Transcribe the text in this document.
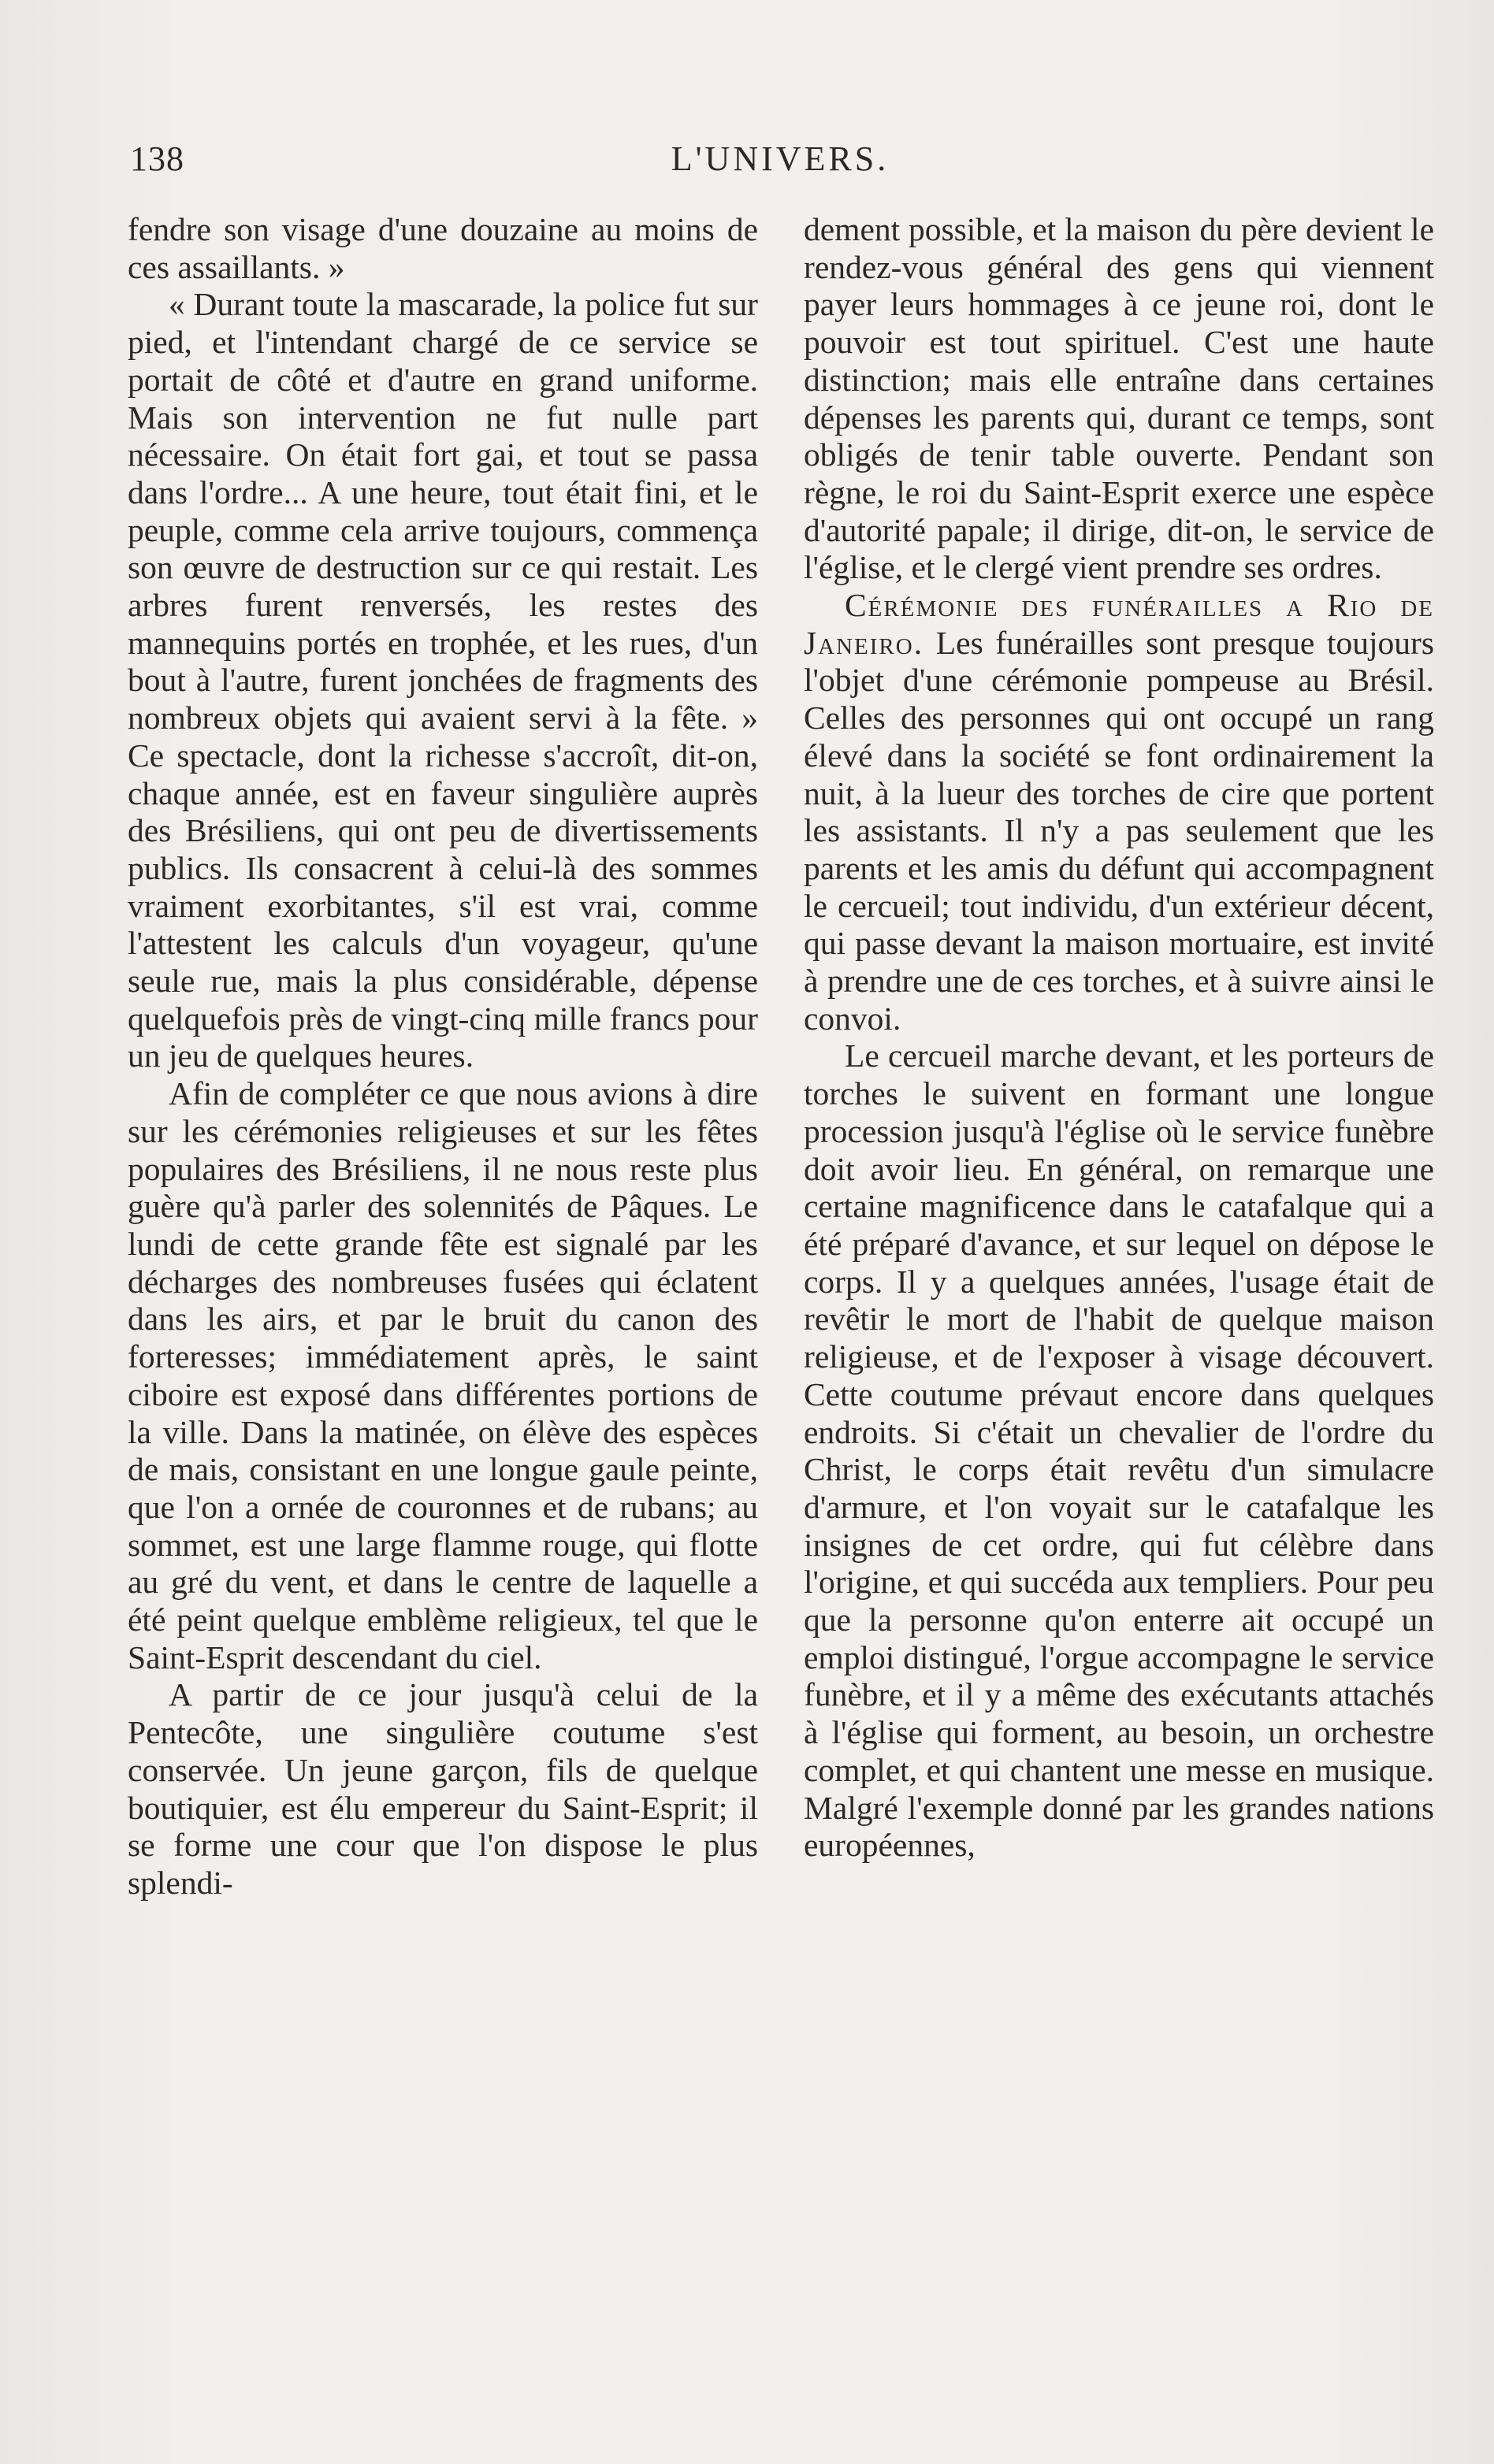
138	L'UNIVERS.

fendre son visage d'une douzaine au moins de ces assaillants. »

« Durant toute la mascarade, la police fut sur pied, et l'intendant chargé de ce service se portait de côté et d'autre en grand uniforme. Mais son intervention ne fut nulle part nécessaire. On était fort gai, et tout se passa dans l'ordre... A une heure, tout était fini, et le peuple, comme cela arrive toujours, commença son œuvre de destruction sur ce qui restait. Les arbres furent renversés, les restes des mannequins portés en trophée, et les rues, d'un bout à l'autre, furent jonchées de fragments des nombreux objets qui avaient servi à la fête. » Ce spectacle, dont la richesse s'accroît, dit-on, chaque année, est en faveur singulière auprès des Brésiliens, qui ont peu de divertissements publics. Ils consacrent à celui-là des sommes vraiment exorbitantes, s'il est vrai, comme l'attestent les calculs d'un voyageur, qu'une seule rue, mais la plus considérable, dépense quelquefois près de vingt-cinq mille francs pour un jeu de quelques heures.

Afin de compléter ce que nous avions à dire sur les cérémonies religieuses et sur les fêtes populaires des Brésiliens, il ne nous reste plus guère qu'à parler des solennités de Pâques. Le lundi de cette grande fête est signalé par les décharges des nombreuses fusées qui éclatent dans les airs, et par le bruit du canon des forteresses; immédiatement après, le saint ciboire est exposé dans différentes portions de la ville. Dans la matinée, on élève des espèces de mais, consistant en une longue gaule peinte, que l'on a ornée de couronnes et de rubans; au sommet, est une large flamme rouge, qui flotte au gré du vent, et dans le centre de laquelle a été peint quelque emblème religieux, tel que le Saint-Esprit descendant du ciel.

A partir de ce jour jusqu'à celui de la Pentecôte, une singulière coutume s'est conservée. Un jeune garçon, fils de quelque boutiquier, est élu empereur du Saint-Esprit; il se forme une cour que l'on dispose le plus splendi-

dement possible, et la maison du père devient le rendez-vous général des gens qui viennent payer leurs hommages à ce jeune roi, dont le pouvoir est tout spirituel. C'est une haute distinction; mais elle entraîne dans certaines dépenses les parents qui, durant ce temps, sont obligés de tenir table ouverte. Pendant son règne, le roi du Saint-Esprit exerce une espèce d'autorité papale; il dirige, dit-on, le service de l'église, et le clergé vient prendre ses ordres.

Cérémonie des funérailles a Rio de Janeiro. Les funérailles sont presque toujours l'objet d'une cérémonie pompeuse au Brésil. Celles des personnes qui ont occupé un rang élevé dans la société se font ordinairement la nuit, à la lueur des torches de cire que portent les assistants. Il n'y a pas seulement que les parents et les amis du défunt qui accompagnent le cercueil; tout individu, d'un extérieur décent, qui passe devant la maison mortuaire, est invité à prendre une de ces torches, et à suivre ainsi le convoi.

Le cercueil marche devant, et les porteurs de torches le suivent en formant une longue procession jusqu'à l'église où le service funèbre doit avoir lieu. En général, on remarque une certaine magnificence dans le catafalque qui a été préparé d'avance, et sur lequel on dépose le corps. Il y a quelques années, l'usage était de revêtir le mort de l'habit de quelque maison religieuse, et de l'exposer à visage découvert. Cette coutume prévaut encore dans quelques endroits. Si c'était un chevalier de l'ordre du Christ, le corps était revêtu d'un simulacre d'armure, et l'on voyait sur le catafalque les insignes de cet ordre, qui fut célèbre dans l'origine, et qui succéda aux templiers. Pour peu que la personne qu'on enterre ait occupé un emploi distingué, l'orgue accompagne le service funèbre, et il y a même des exécutants attachés à l'église qui forment, au besoin, un orchestre complet, et qui chantent une messe en musique. Malgré l'exemple donné par les grandes nations européennes,
